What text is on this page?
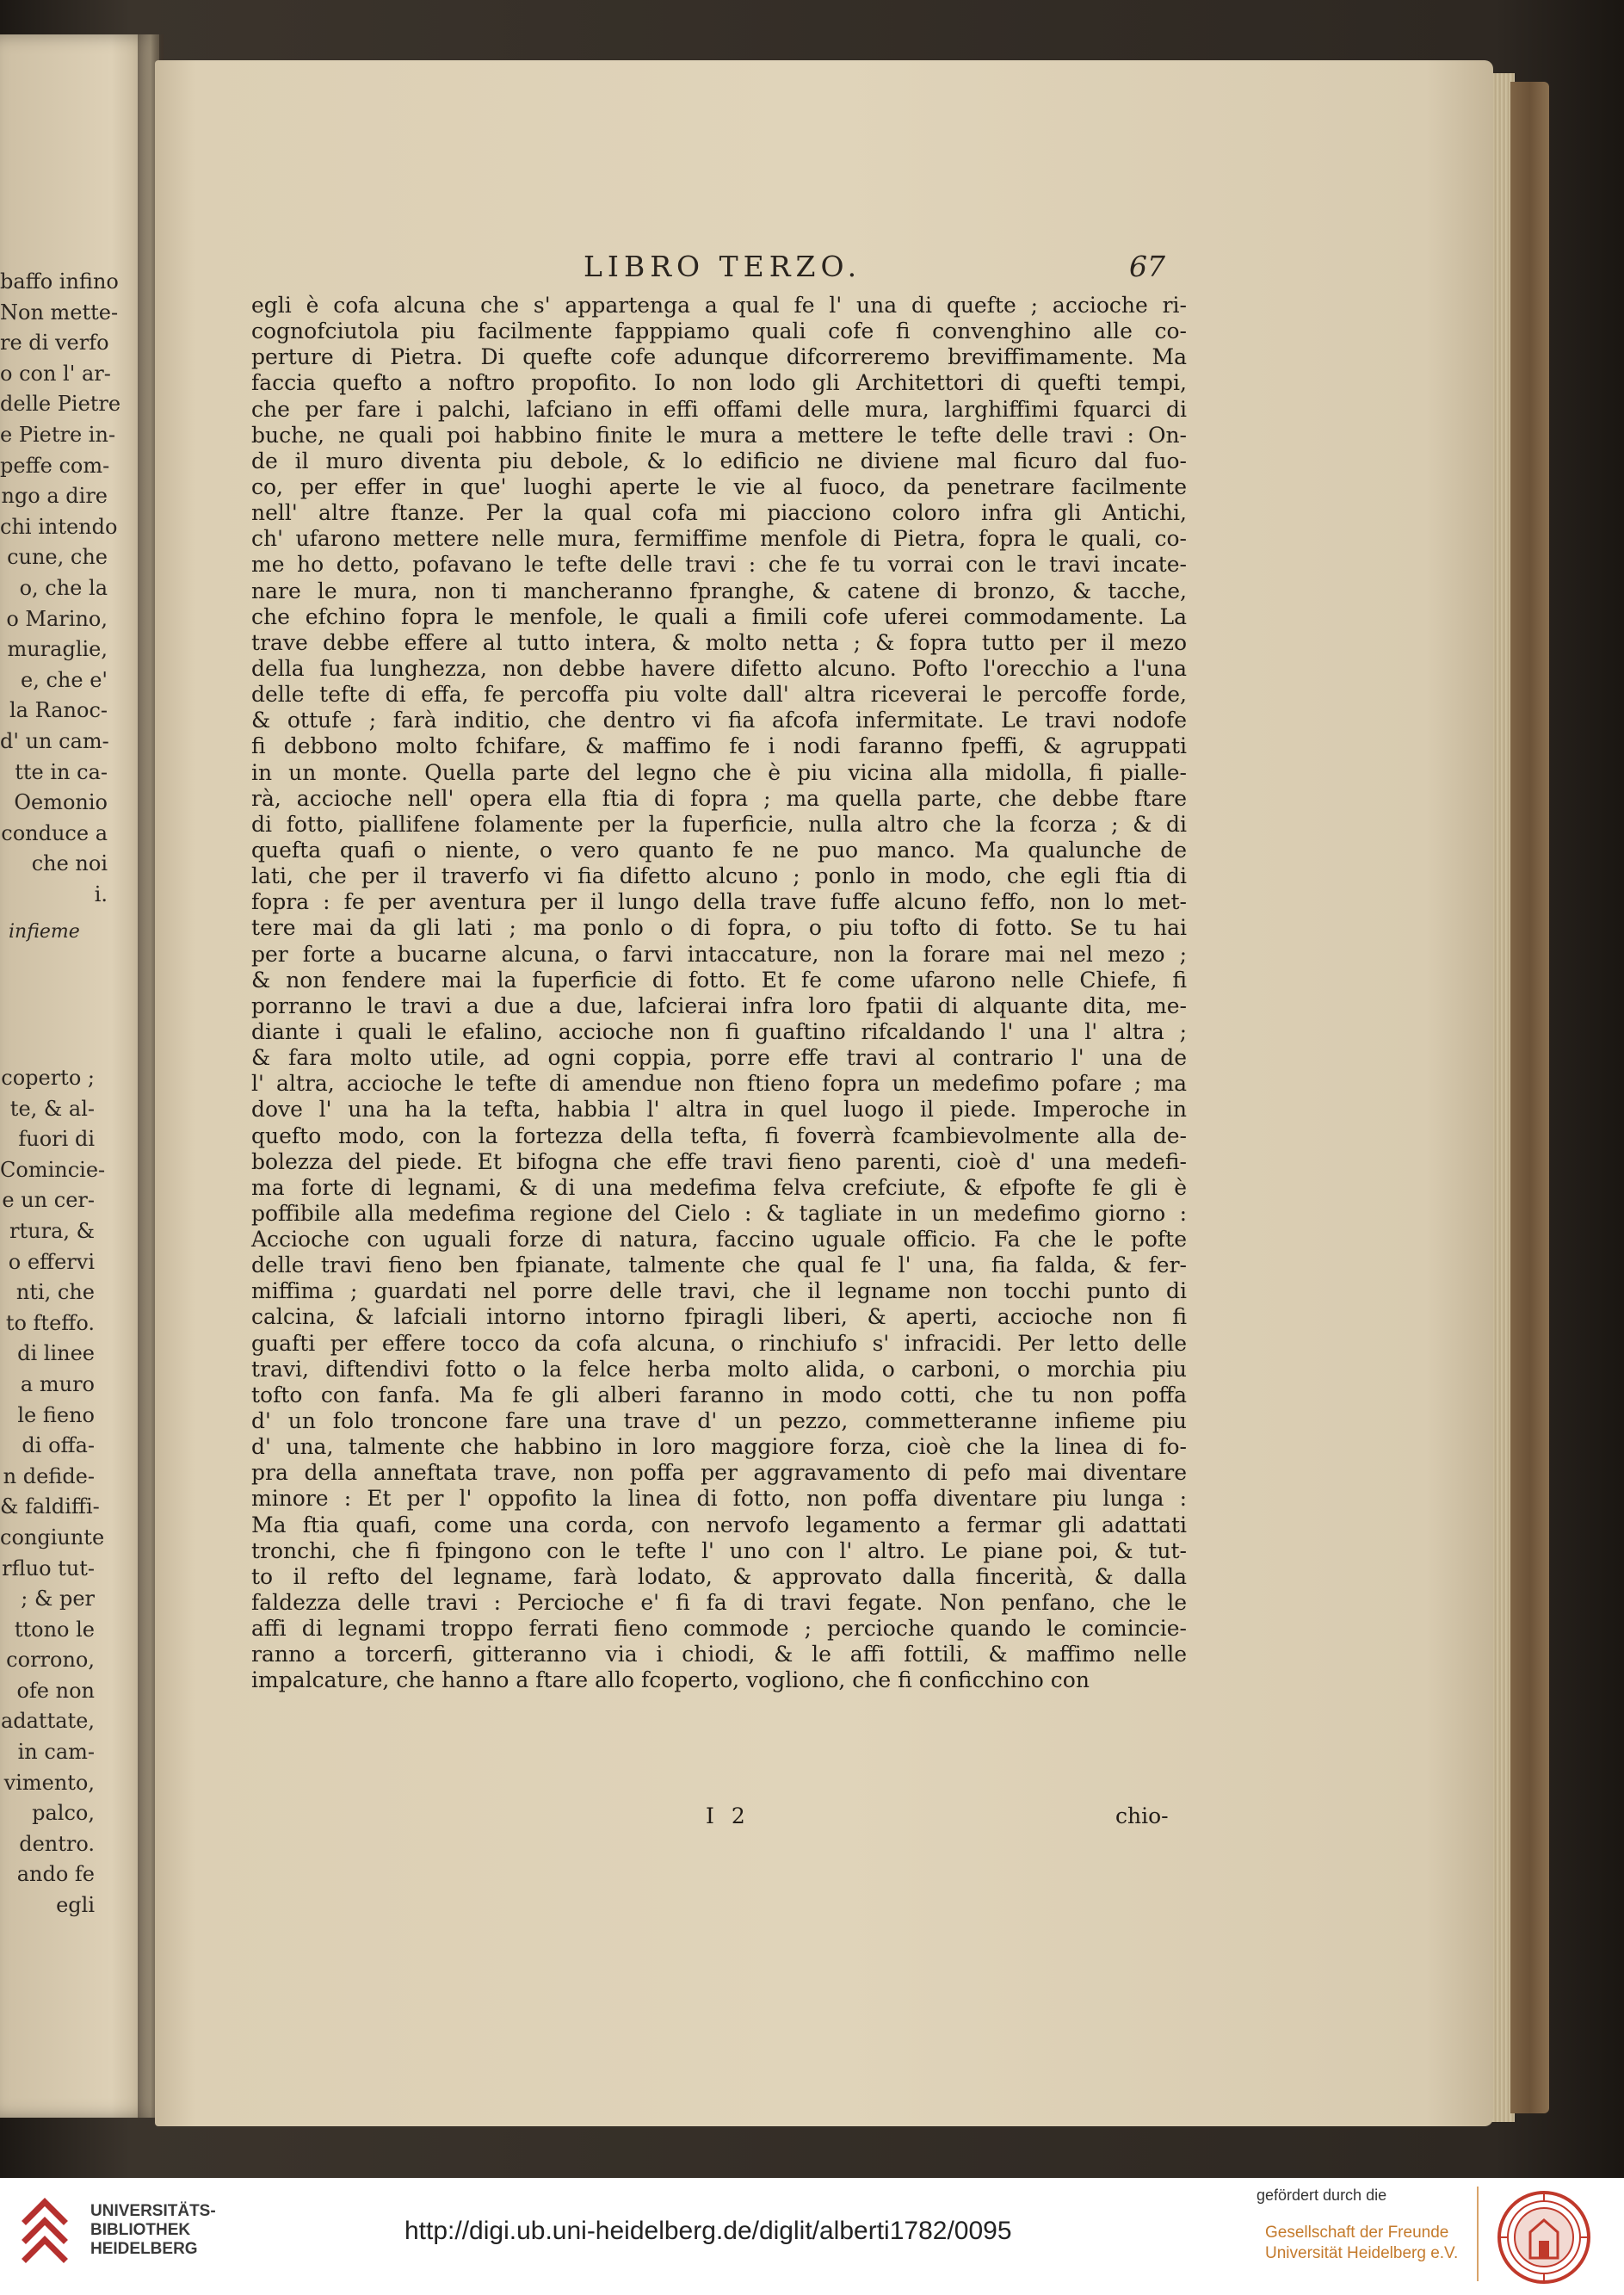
baffo infino
Non mette-
re di verfo
o con l' ar-
delle Pietre
e Pietre in-
peffe com-
ngo a dire
chi intendo
cune, che
o, che la
o Marino,
muraglie,
e, che e'
la Ranoc-
d' un cam-
tte in ca-
Oemonio
conduce a
che noi
i.
infieme
coperto ;
te, & al-
fuori di
Comincie-
e un cer-
rtura, &
o effervi
nti, che
to fteffo.
di linee
a muro
le fieno
di offa-
n defide-
& faldiffi-
congiunte
rfluo tut-
; & per
ttono le
corrono,
ofe non
adattate,
in cam-
vimento,
palco,
dentro.
ando fe
egli
LIBRO TERZO.	67
egli è cofa alcuna che s' appartenga a qual fe l' una di quefte ; accioche ri-
cognofciutola piu facilmente fapppiamo quali cofe fi convenghino alle co-
perture di Pietra. Di quefte cofe adunque difcorreremo breviffimamente. Ma
faccia quefto a noftro propofito. Io non lodo gli Architettori di quefti tempi,
che per fare i palchi, lafciano in effi offami delle mura, larghiffimi fquarci di
buche, ne quali poi habbino finite le mura a mettere le tefte delle travi : On-
de il muro diventa piu debole, & lo edificio ne diviene mal ficuro dal fuo-
co, per effer in que' luoghi aperte le vie al fuoco, da penetrare facilmente
nell' altre ftanze. Per la qual cofa mi piacciono coloro infra gli Antichi,
ch' ufarono mettere nelle mura, fermiffime menfole di Pietra, fopra le quali, co-
me ho detto, pofavano le tefte delle travi : che fe tu vorrai con le travi incate-
nare le mura, non ti mancheranno fpranghe, & catene di bronzo, & tacche,
che efchino fopra le menfole, le quali a fimili cofe uferei commodamente. La
trave debbe effere al tutto intera, & molto netta ; & fopra tutto per il mezo
della fua lunghezza, non debbe havere difetto alcuno. Pofto l'orecchio a l'una
delle tefte di effa, fe percoffa piu volte dall' altra riceverai le percoffe forde,
& ottufe ; farà inditio, che dentro vi fia afcofa infermitate. Le travi nodofe
fi debbono molto fchifare, & maffimo fe i nodi faranno fpeffi, & agruppati
in un monte. Quella parte del legno che è piu vicina alla midolla, fi pialle-
rà, accioche nell' opera ella ftia di fopra ; ma quella parte, che debbe ftare
di fotto, piallifene folamente per la fuperficie, nulla altro che la fcorza ; & di
quefta quafi o niente, o vero quanto fe ne puo manco. Ma qualunche de
lati, che per il traverfo vi fia difetto alcuno ; ponlo in modo, che egli ftia di
fopra : fe per aventura per il lungo della trave fuffe alcuno feffo, non lo met-
tere mai da gli lati ; ma ponlo o di fopra, o piu tofto di fotto. Se tu hai
per forte a bucarne alcuna, o farvi intaccature, non la forare mai nel mezo ;
& non fendere mai la fuperficie di fotto. Et fe come ufarono nelle Chiefe, fi
porranno le travi a due a due, lafcierai infra loro fpatii di alquante dita, me-
diante i quali le efalino, accioche non fi guaftino rifcaldando l' una l' altra ;
& fara molto utile, ad ogni coppia, porre effe travi al contrario l' una de
l' altra, accioche le tefte di amendue non ftieno fopra un medefimo pofare ; ma
dove l' una ha la tefta, habbia l' altra in quel luogo il piede. Imperoche in
quefto modo, con la fortezza della tefta, fi foverrà fcambievolmente alla de-
bolezza del piede. Et bifogna che effe travi fieno parenti, cioè d' una medefi-
ma forte di legnami, & di una medefima felva crefciute, & efpofte fe gli è
poffibile alla medefima regione del Cielo : & tagliate in un medefimo giorno :
Accioche con uguali forze di natura, faccino uguale officio. Fa che le pofte
delle travi fieno ben fpianate, talmente che qual fe l' una, fia falda, & fer-
miffima ; guardati nel porre delle travi, che il legname non tocchi punto di
calcina, & lafciali intorno intorno fpiragli liberi, & aperti, accioche non fi
guafti per effere tocco da cofa alcuna, o rinchiufo s' infracidi. Per letto delle
travi, diftendivi fotto o la felce herba molto alida, o carboni, o morchia piu
tofto con fanfa. Ma fe gli alberi faranno in modo cotti, che tu non poffa
d' un folo troncone fare una trave d' un pezzo, commetteranne infieme piu
d' una, talmente che habbino in loro maggiore forza, cioè che la linea di fo-
pra della anneftata trave, non poffa per aggravamento di pefo mai diventare
minore : Et per l' oppofito la linea di fotto, non poffa diventare piu lunga :
Ma ftia quafi, come una corda, con nervofo legamento a fermar gli adattati
tronchi, che fi fpingono con le tefte l' uno con l' altro. Le piane poi, & tut-
to il refto del legname, farà lodato, & approvato dalla fincerità, & dalla
faldezza delle travi : Percioche e' fi fa di travi fegate. Non penfano, che le
affi di legnami troppo ferrati fieno commode ; percioche quando le comincie-
ranno a torcerfi, gitteranno via i chiodi, & le affi fottili, & maffimo nelle
impalcature, che hanno a ftare allo fcoperto, vogliono, che fi conficchino con
I 2	chio-
UNIVERSITÄTS-
BIBLIOTHEK
HEIDELBERG
http://digi.ub.uni-heidelberg.de/diglit/alberti1782/0095
gefördert durch die
Gesellschaft der Freunde
Universität Heidelberg e.V.
